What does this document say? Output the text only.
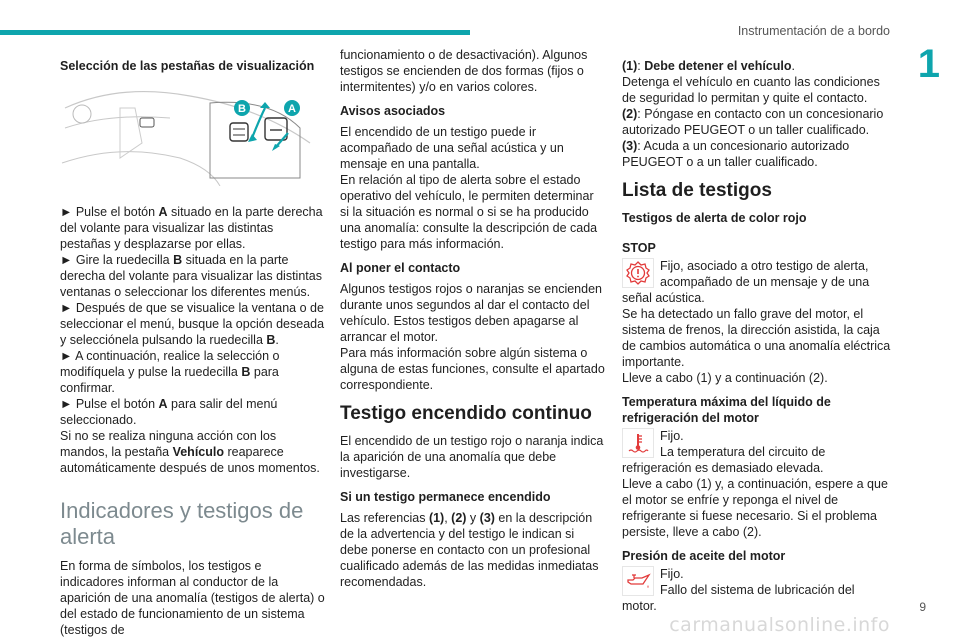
Instrumentación de a bordo
1
Selección de las pestañas de visualización
B	A
► Pulse el botón A situado en la parte derecha del volante para visualizar las distintas pestañas y desplazarse por ellas.
► Gire la ruedecilla B situada en la parte derecha del volante para visualizar las distintas ventanas o seleccionar los diferentes menús.
► Después de que se visualice la ventana o de seleccionar el menú, busque la opción deseada y selecciónela pulsando la ruedecilla B.
► A continuación, realice la selección o modifíquela y pulse la ruedecilla B para confirmar.
► Pulse el botón A para salir del menú seleccionado.
Si no se realiza ninguna acción con los mandos, la pestaña Vehículo reaparece automáticamente después de unos momentos.
Indicadores y testigos de alerta
En forma de símbolos, los testigos e indicadores informan al conductor de la aparición de una anomalía (testigos de alerta) o del estado de funcionamiento de un sistema (testigos de
funcionamiento o de desactivación). Algunos testigos se encienden de dos formas (fijos o intermitentes) y/o en varios colores.
Avisos asociados
El encendido de un testigo puede ir acompañado de una señal acústica y un mensaje en una pantalla.
En relación al tipo de alerta sobre el estado operativo del vehículo, le permiten determinar si la situación es normal o si se ha producido una anomalía: consulte la descripción de cada testigo para más información.
Al poner el contacto
Algunos testigos rojos o naranjas se encienden durante unos segundos al dar el contacto del vehículo. Estos testigos deben apagarse al arrancar el motor.
Para más información sobre algún sistema o alguna de estas funciones, consulte el apartado correspondiente.
Testigo encendido continuo
El encendido de un testigo rojo o naranja indica la aparición de una anomalía que debe investigarse.
Si un testigo permanece encendido
Las referencias (1), (2) y (3) en la descripción de la advertencia y del testigo le indican si debe ponerse en contacto con un profesional cualificado además de las medidas inmediatas recomendadas.
(1): Debe detener el vehículo.
Detenga el vehículo en cuanto las condiciones de seguridad lo permitan y quite el contacto.
(2): Póngase en contacto con un concesionario autorizado PEUGEOT o un taller cualificado.
(3): Acuda a un concesionario autorizado PEUGEOT o a un taller cualificado.
Lista de testigos
Testigos de alerta de color rojo
STOP
Fijo, asociado a otro testigo de alerta, acompañado de un mensaje y de una señal acústica.
Se ha detectado un fallo grave del motor, el sistema de frenos, la dirección asistida, la caja de cambios automática o una anomalía eléctrica importante.
Lleve a cabo (1) y a continuación (2).
Temperatura máxima del líquido de refrigeración del motor
Fijo.
La temperatura del circuito de refrigeración es demasiado elevada.
Lleve a cabo (1) y, a continuación, espere a que el motor se enfríe y reponga el nivel de refrigerante si fuese necesario. Si el problema persiste, lleve a cabo (2).
Presión de aceite del motor
Fijo.
Fallo del sistema de lubricación del motor.	9
carmanualsonline.info
